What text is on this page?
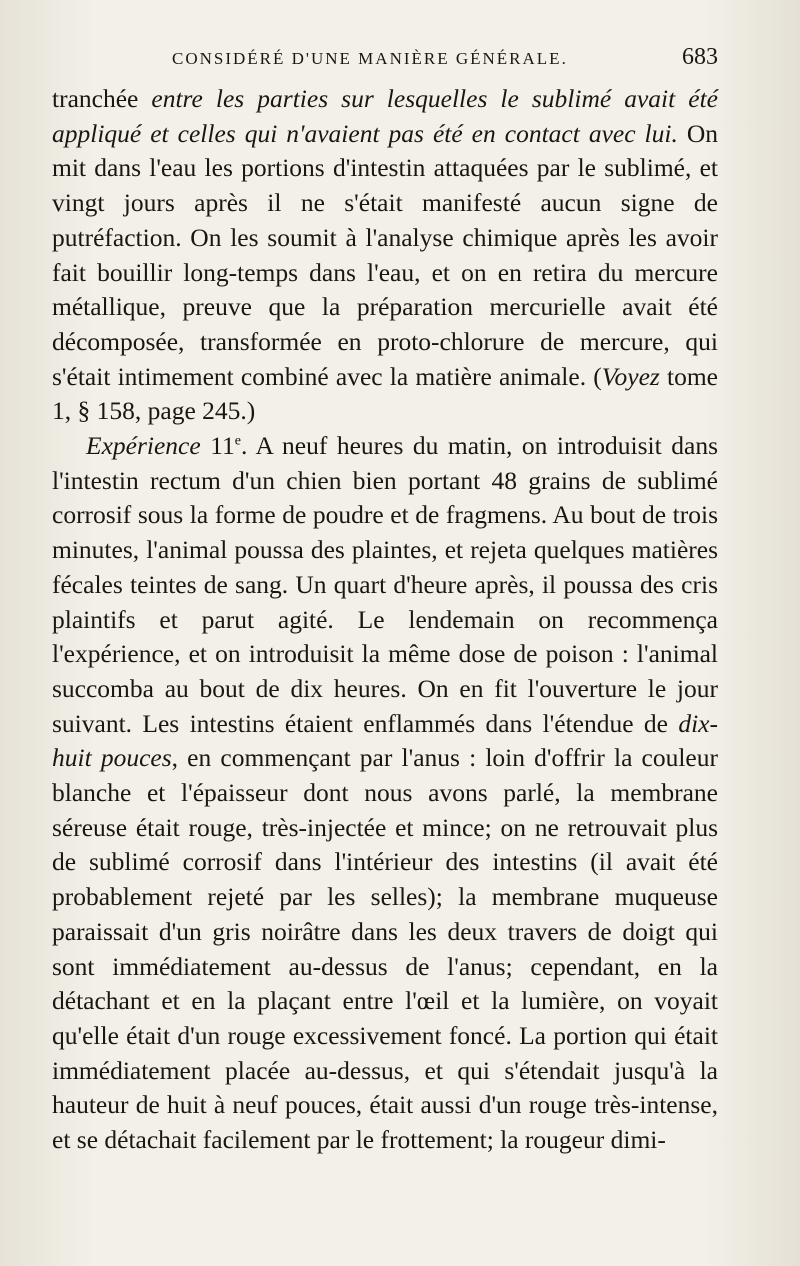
CONSIDÉRÉ D'UNE MANIÈRE GÉNÉRALE.	683

tranchée entre les parties sur lesquelles le sublimé avait été appliqué et celles qui n'avaient pas été en contact avec lui. On mit dans l'eau les portions d'intestin attaquées par le sublimé, et vingt jours après il ne s'était manifesté aucun signe de putréfaction. On les soumit à l'analyse chimique après les avoir fait bouillir long-temps dans l'eau, et on en retira du mercure métallique, preuve que la préparation mercurielle avait été décomposée, transformée en proto-chlorure de mercure, qui s'était intimement combiné avec la matière animale. (Voyez tome 1, § 158, page 245.)

Expérience 11e. A neuf heures du matin, on introduisit dans l'intestin rectum d'un chien bien portant 48 grains de sublimé corrosif sous la forme de poudre et de fragmens. Au bout de trois minutes, l'animal poussa des plaintes, et rejeta quelques matières fécales teintes de sang. Un quart d'heure après, il poussa des cris plaintifs et parut agité. Le lendemain on recommença l'expérience, et on introduisit la même dose de poison : l'animal succomba au bout de dix heures. On en fit l'ouverture le jour suivant. Les intestins étaient enflammés dans l'étendue de dix-huit pouces, en commençant par l'anus : loin d'offrir la couleur blanche et l'épaisseur dont nous avons parlé, la membrane séreuse était rouge, très-injectée et mince; on ne retrouvait plus de sublimé corrosif dans l'intérieur des intestins (il avait été probablement rejeté par les selles); la membrane muqueuse paraissait d'un gris noirâtre dans les deux travers de doigt qui sont immédiatement au-dessus de l'anus; cependant, en la détachant et en la plaçant entre l'œil et la lumière, on voyait qu'elle était d'un rouge excessivement foncé. La portion qui était immédiatement placée au-dessus, et qui s'étendait jusqu'à la hauteur de huit à neuf pouces, était aussi d'un rouge très-intense, et se détachait facilement par le frottement; la rougeur dimi-
